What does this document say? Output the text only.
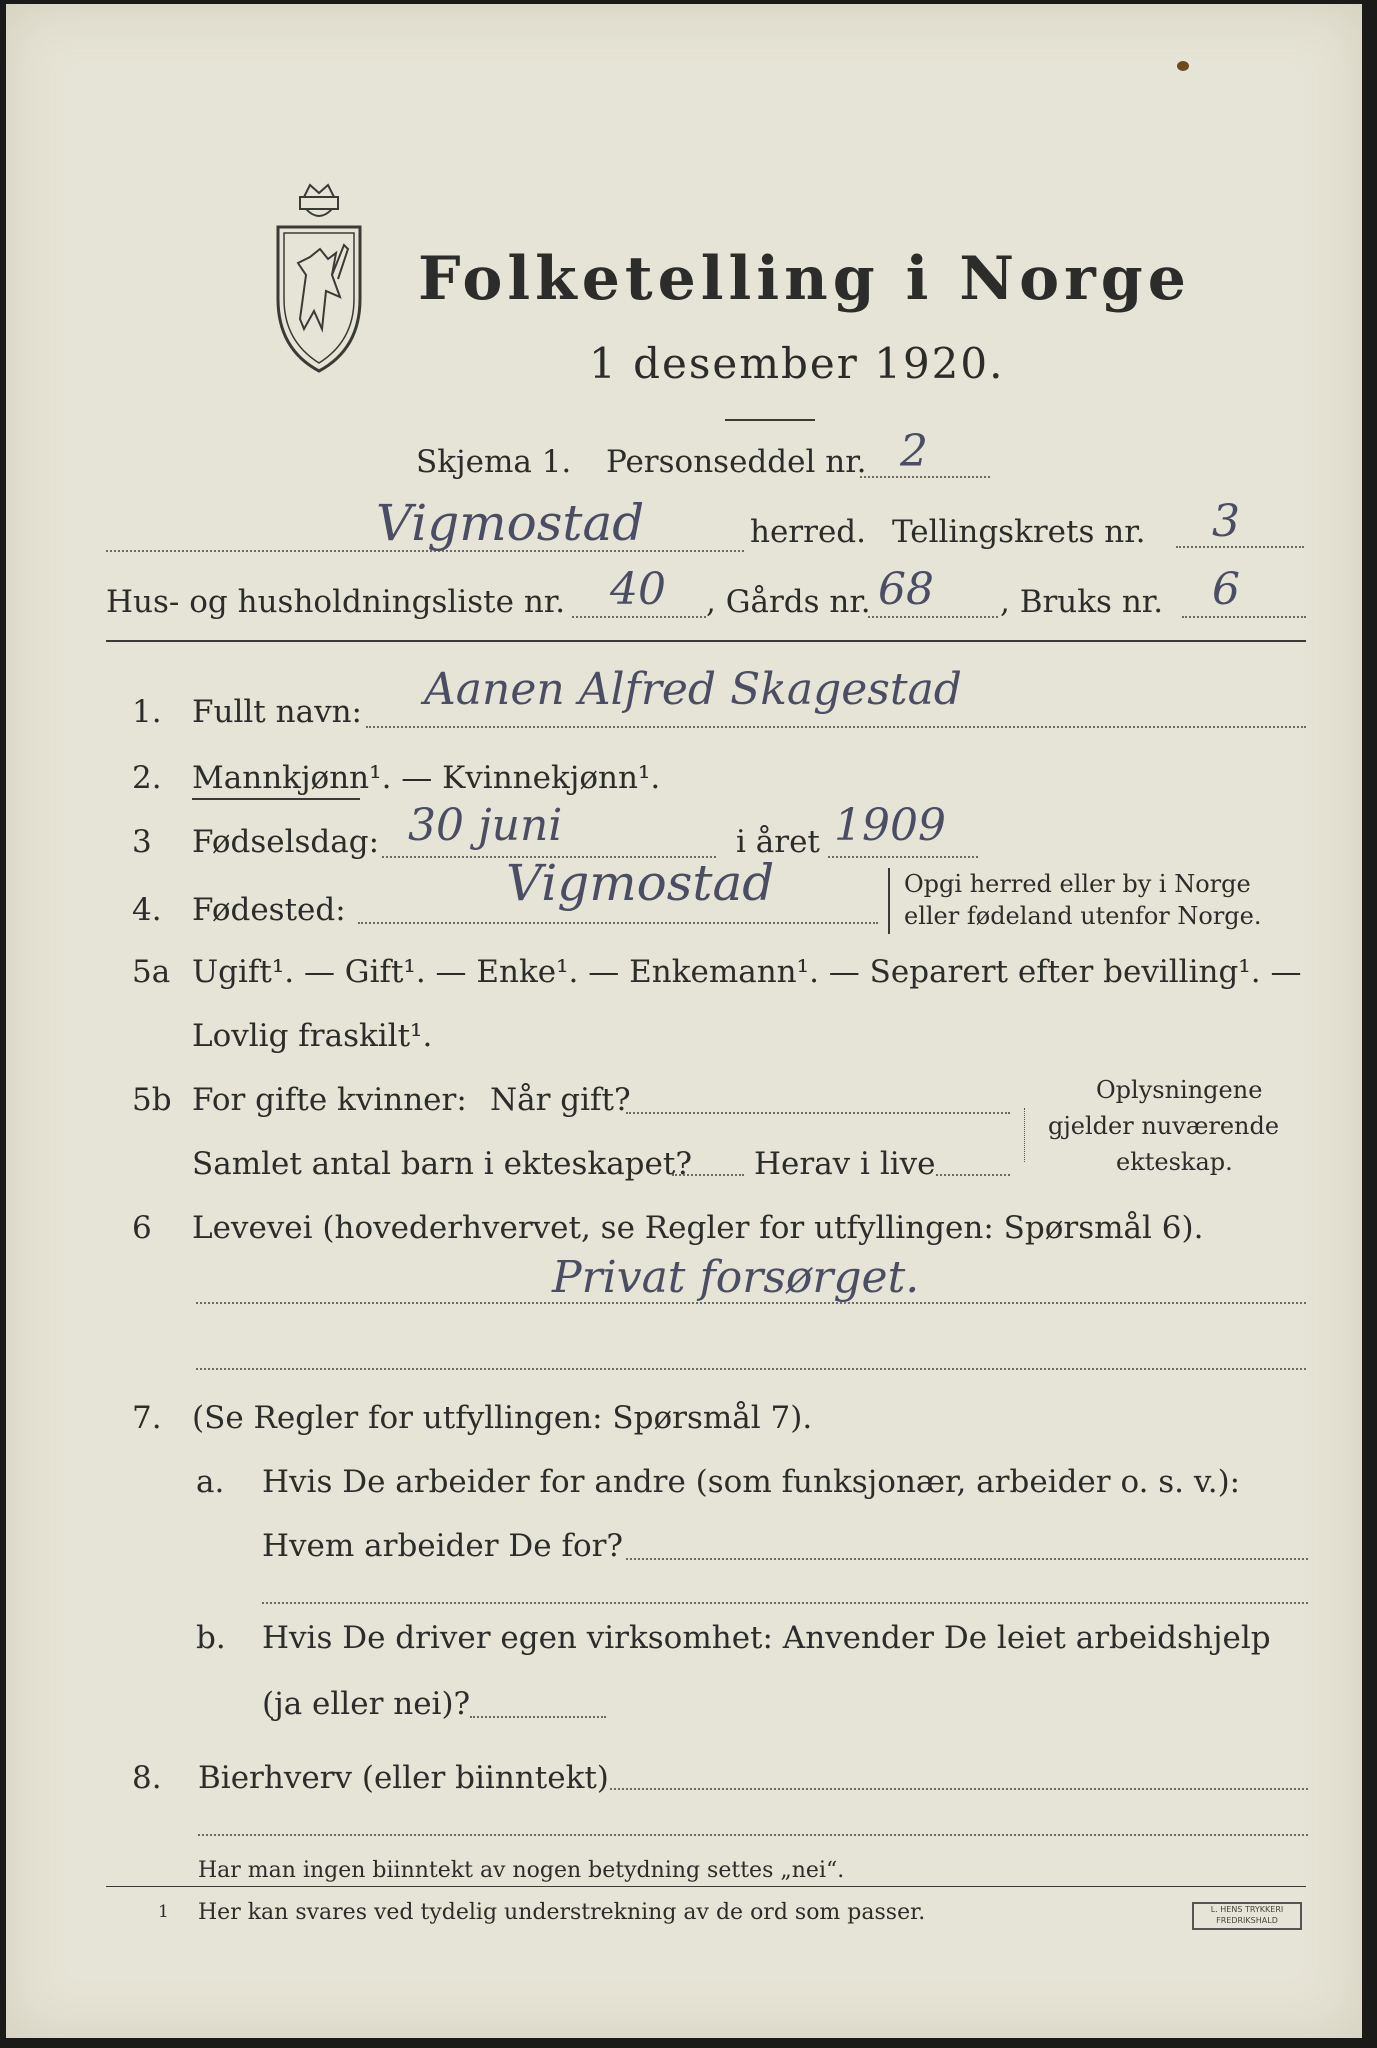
Folketelling i Norge
1 desember 1920.
Skjema 1. Personseddel nr. 2
Vigmostad	herred. Tellingskrets nr. 3
Hus- og husholdningsliste nr. 40 , Gårds nr. 68 , Bruks nr. 6
1. Fullt navn: Aanen Alfred Skagestad
2. Mannkjønn¹. — Kvinnekjønn¹.
3 Fødselsdag: 30 juni	i året 1909
4. Fødested:	Vigmostad	Opgi herred eller by i Norge
eller fødeland utenfor Norge.
5a Ugift¹. — Gift¹. — Enke¹. — Enkemann¹. — Separert efter bevilling¹. —
Lovlig fraskilt¹.
5b For gifte kvinner: Når gift?
Samlet antal barn i ekteskapet? Herav i live
Oplysningene
gjelder nuværende
ekteskap.
6 Levevei (hovederhvervet, se Regler for utfyllingen: Spørsmål 6).
Privat forsørget.
7. (Se Regler for utfyllingen: Spørsmål 7).
a. Hvis De arbeider for andre (som funksjonær, arbeider o. s. v.):
Hvem arbeider De for?
b. Hvis De driver egen virksomhet: Anvender De leiet arbeidshjelp
(ja eller nei)?
8. Bierhverv (eller biinntekt)
Har man ingen biinntekt av nogen betydning settes „nei“.
1 Her kan svares ved tydelig understrekning av de ord som passer.	L. HENS TRYKKERI FREDRIKSHALD
